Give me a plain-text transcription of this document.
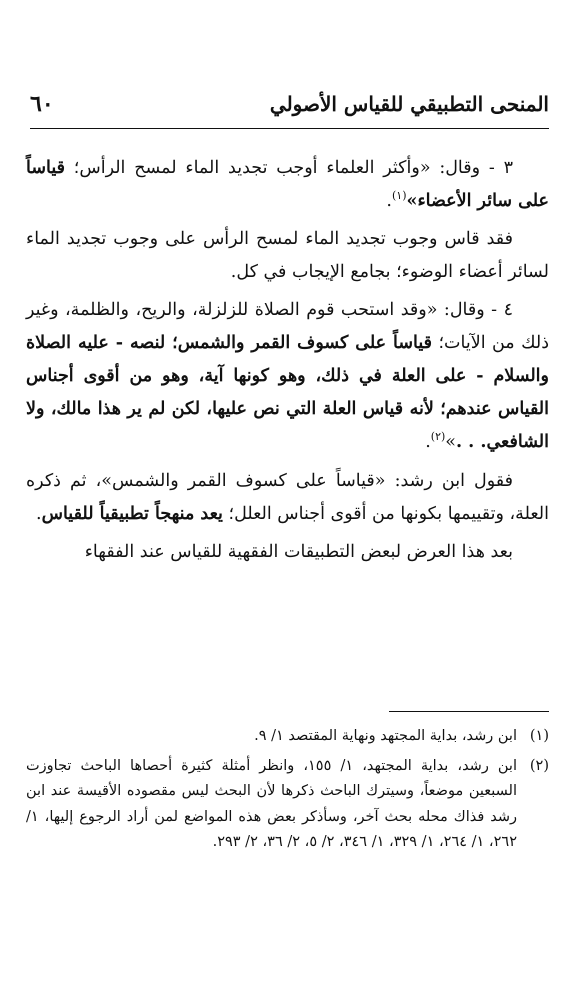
المنحى التطبيقي للقياس الأصولي
٦٠

٣ - وقال: «وأكثر العلماء أوجب تجديد الماء لمسح الرأس؛ قياساً على سائر الأعضاء»$^{(١)}$.

فقد قاس وجوب تجديد الماء لمسح الرأس على وجوب تجديد الماء لسائر أعضاء الوضوء؛ بجامع الإيجاب في كل.

٤ - وقال: «وقد استحب قوم الصلاة للزلزلة، والريح، والظلمة، وغير ذلك من الآيات؛ قياساً على كسوف القمر والشمس؛ لنصه - عليه الصلاة والسلام - على العلة في ذلك، وهو كونها آية، وهو من أقوى أجناس القياس عندهم؛ لأنه قياس العلة التي نص عليها، لكن لم ير هذا مالك، ولا الشافعي. . .»$^{(٢)}$.

فقول ابن رشد: «قياساً على كسوف القمر والشمس»، ثم ذكره العلة، وتقييمها بكونها من أقوى أجناس العلل؛ يعد منهجاً تطبيقياً للقياس.

بعد هذا العرض لبعض التطبيقات الفقهية للقياس عند الفقهاء

(١)
ابن رشد، بداية المجتهد ونهاية المقتصد ١/ ٩.
(٢)
ابن رشد، بداية المجتهد، ١/ ١٥٥، وانظر أمثلة كثيرة أحصاها الباحث تجاوزت السبعين موضعاً، وسيترك الباحث ذكرها لأن البحث ليس مقصوده الأقيسة عند ابن رشد فذاك محله بحث آخر، وسأذكر بعض هذه المواضع لمن أراد الرجوع إليها، ١/ ٢٦٢، ١/ ٢٦٤، ١/ ٣٢٩، ١/ ٣٤٦، ٢/ ٥، ٢/ ٣٦، ٢/ ٢٩٣.
